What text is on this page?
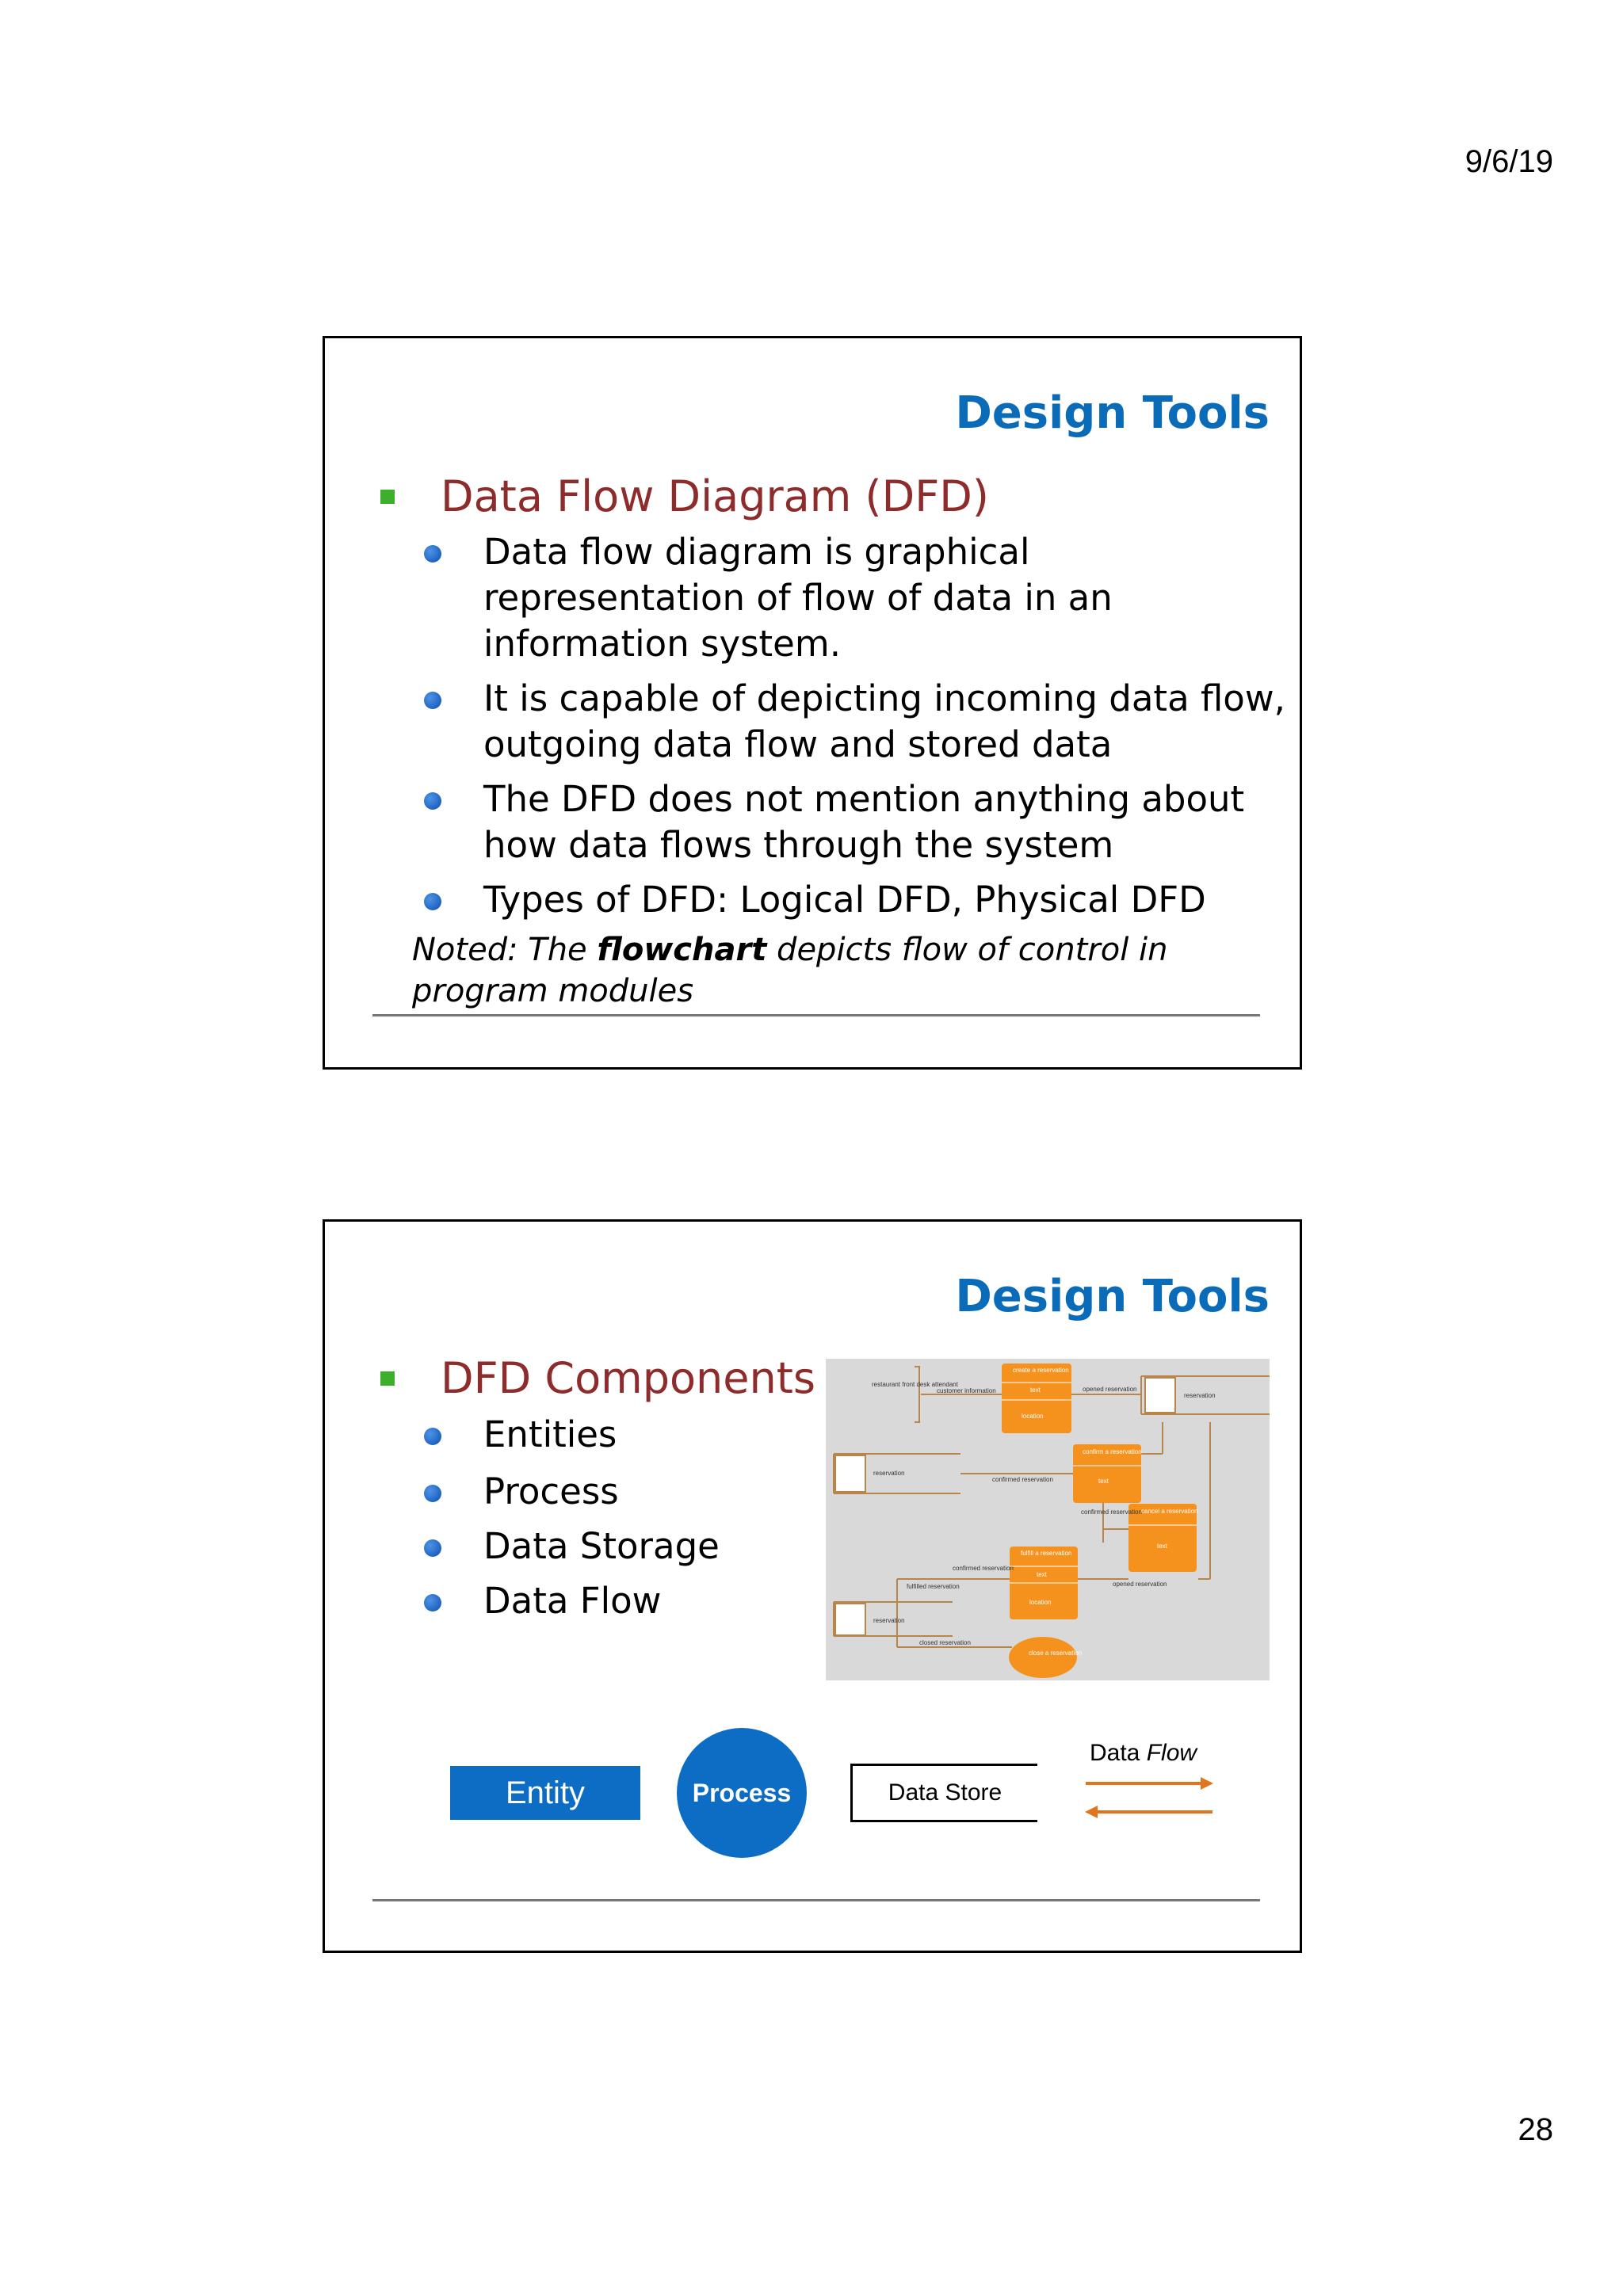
9/6/19
Design Tools
Data Flow Diagram (DFD)
Data flow diagram is graphical representation of flow of data in an information system.
It is capable of depicting incoming data flow, outgoing data flow and stored data
The DFD does not mention anything about how data flows through the system
Types of DFD: Logical DFD, Physical DFD
Noted: The flowchart depicts flow of control in program modules
Design Tools
DFD Components
Entities
Process
Data Storage
Data Flow
restaurant front desk attendant
customer information
create a reservation
text
location
opened reservation
reservation
reservation
confirmed reservation
confirm a reservation
text
confirmed reservation cancel a reservation
text
opened reservation
fulfill a reservation
text
location
confirmed reservation
fulfilled reservation
reservation
closed reservation
close a reservation
Entity	Process	Data Store
Data Flow
28
